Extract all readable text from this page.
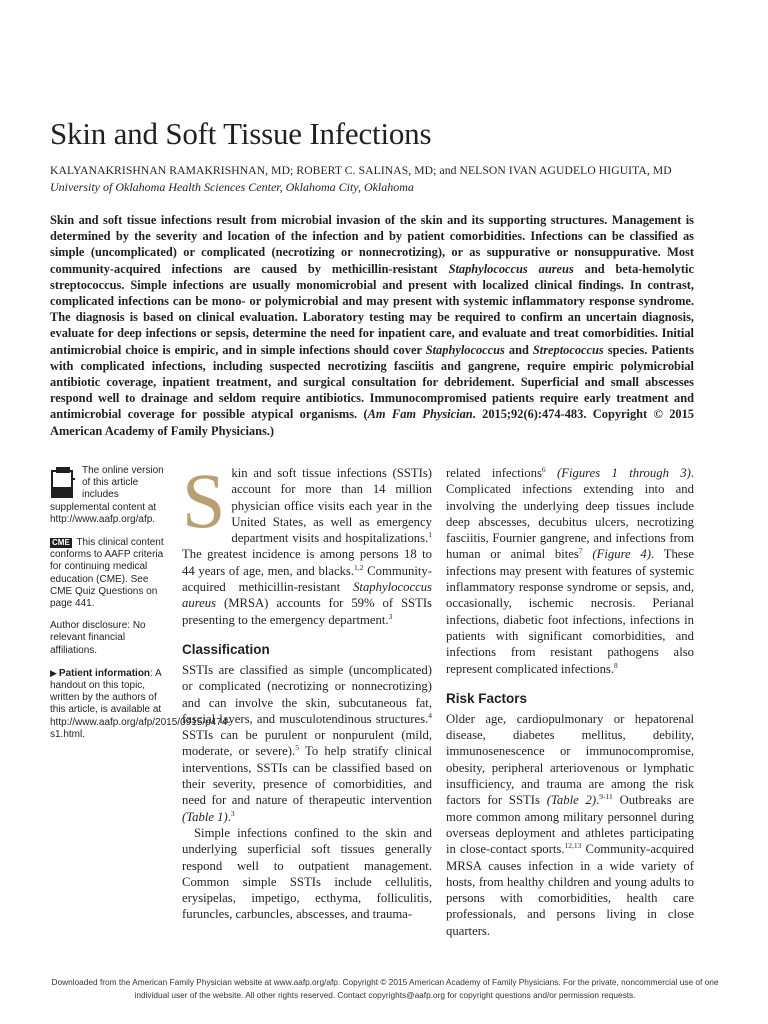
Skin and Soft Tissue Infections

KALYANAKRISHNAN RAMAKRISHNAN, MD; ROBERT C. SALINAS, MD; and NELSON IVAN AGUDELO HIGUITA, MD

University of Oklahoma Health Sciences Center, Oklahoma City, Oklahoma

Skin and soft tissue infections result from microbial invasion of the skin and its supporting structures. Management is determined by the severity and location of the infection and by patient comorbidities. Infections can be classified as simple (uncomplicated) or complicated (necrotizing or nonnecrotizing), or as suppurative or nonsuppurative. Most community-acquired infections are caused by methicillin-resistant Staphylococcus aureus and beta-hemolytic streptococcus. Simple infections are usually monomicrobial and present with localized clinical findings. In contrast, complicated infections can be mono- or polymicrobial and may present with systemic inflammatory response syndrome. The diagnosis is based on clinical evaluation. Laboratory testing may be required to confirm an uncertain diagnosis, evaluate for deep infections or sepsis, determine the need for inpatient care, and evaluate and treat comorbidities. Initial antimicrobial choice is empiric, and in simple infections should cover Staphylococcus and Streptococcus species. Patients with complicated infections, including suspected necrotizing fasciitis and gangrene, require empiric polymicrobial antibiotic coverage, inpatient treatment, and surgical consultation for debridement. Superficial and small abscesses respond well to drainage and seldom require antibiotics. Immunocompromised patients require early treatment and antimicrobial coverage for possible atypical organisms. (Am Fam Physician. 2015;92(6):474-483. Copyright © 2015 American Academy of Family Physicians.)

The online version of this article includes supplemental content at http://www.aafp.org/afp.

CME This clinical content conforms to AAFP criteria for continuing medical education (CME). See CME Quiz Questions on page 441.

Author disclosure: No relevant financial affiliations.

▶ Patient information: A handout on this topic, written by the authors of this article, is available at http://www.aafp.org/afp/2015/0915/p474-s1.html.

Skin and soft tissue infections (SSTIs) account for more than 14 million physician office visits each year in the United States, as well as emergency department visits and hospitalizations.$^1$ The greatest incidence is among persons 18 to 44 years of age, men, and blacks.$^{1,2}$ Community-acquired methicillin-resistant Staphylococcus aureus (MRSA) accounts for 59% of SSTIs presenting to the emergency department.$^3$

Classification

SSTIs are classified as simple (uncomplicated) or complicated (necrotizing or nonnecrotizing) and can involve the skin, subcutaneous fat, fascial layers, and musculotendinous structures.$^4$ SSTIs can be purulent or nonpurulent (mild, moderate, or severe).$^5$ To help stratify clinical interventions, SSTIs can be classified based on their severity, presence of comorbidities, and need for and nature of therapeutic intervention (Table 1).$^3$

Simple infections confined to the skin and underlying superficial soft tissues generally respond well to outpatient management. Common simple SSTIs include cellulitis, erysipelas, impetigo, ecthyma, folliculitis, furuncles, carbuncles, abscesses, and trauma-

related infections$^6$ (Figures 1 through 3). Complicated infections extending into and involving the underlying deep tissues include deep abscesses, decubitus ulcers, necrotizing fasciitis, Fournier gangrene, and infections from human or animal bites$^7$ (Figure 4). These infections may present with features of systemic inflammatory response syndrome or sepsis, and, occasionally, ischemic necrosis. Perianal infections, diabetic foot infections, infections in patients with significant comorbidities, and infections from resistant pathogens also represent complicated infections.$^8$

Risk Factors

Older age, cardiopulmonary or hepatorenal disease, diabetes mellitus, debility, immunosenescence or immunocompromise, obesity, peripheral arteriovenous or lymphatic insufficiency, and trauma are among the risk factors for SSTIs (Table 2).$^{9-11}$ Outbreaks are more common among military personnel during overseas deployment and athletes participating in close-contact sports.$^{12,13}$ Community-acquired MRSA causes infection in a wide variety of hosts, from healthy children and young adults to persons with comorbidities, health care professionals, and persons living in close quarters.

Downloaded from the American Family Physician website at www.aafp.org/afp. Copyright © 2015 American Academy of Family Physicians. For the private, noncommercial use of one individual user of the website. All other rights reserved. Contact copyrights@aafp.org for copyright questions and/or permission requests.
